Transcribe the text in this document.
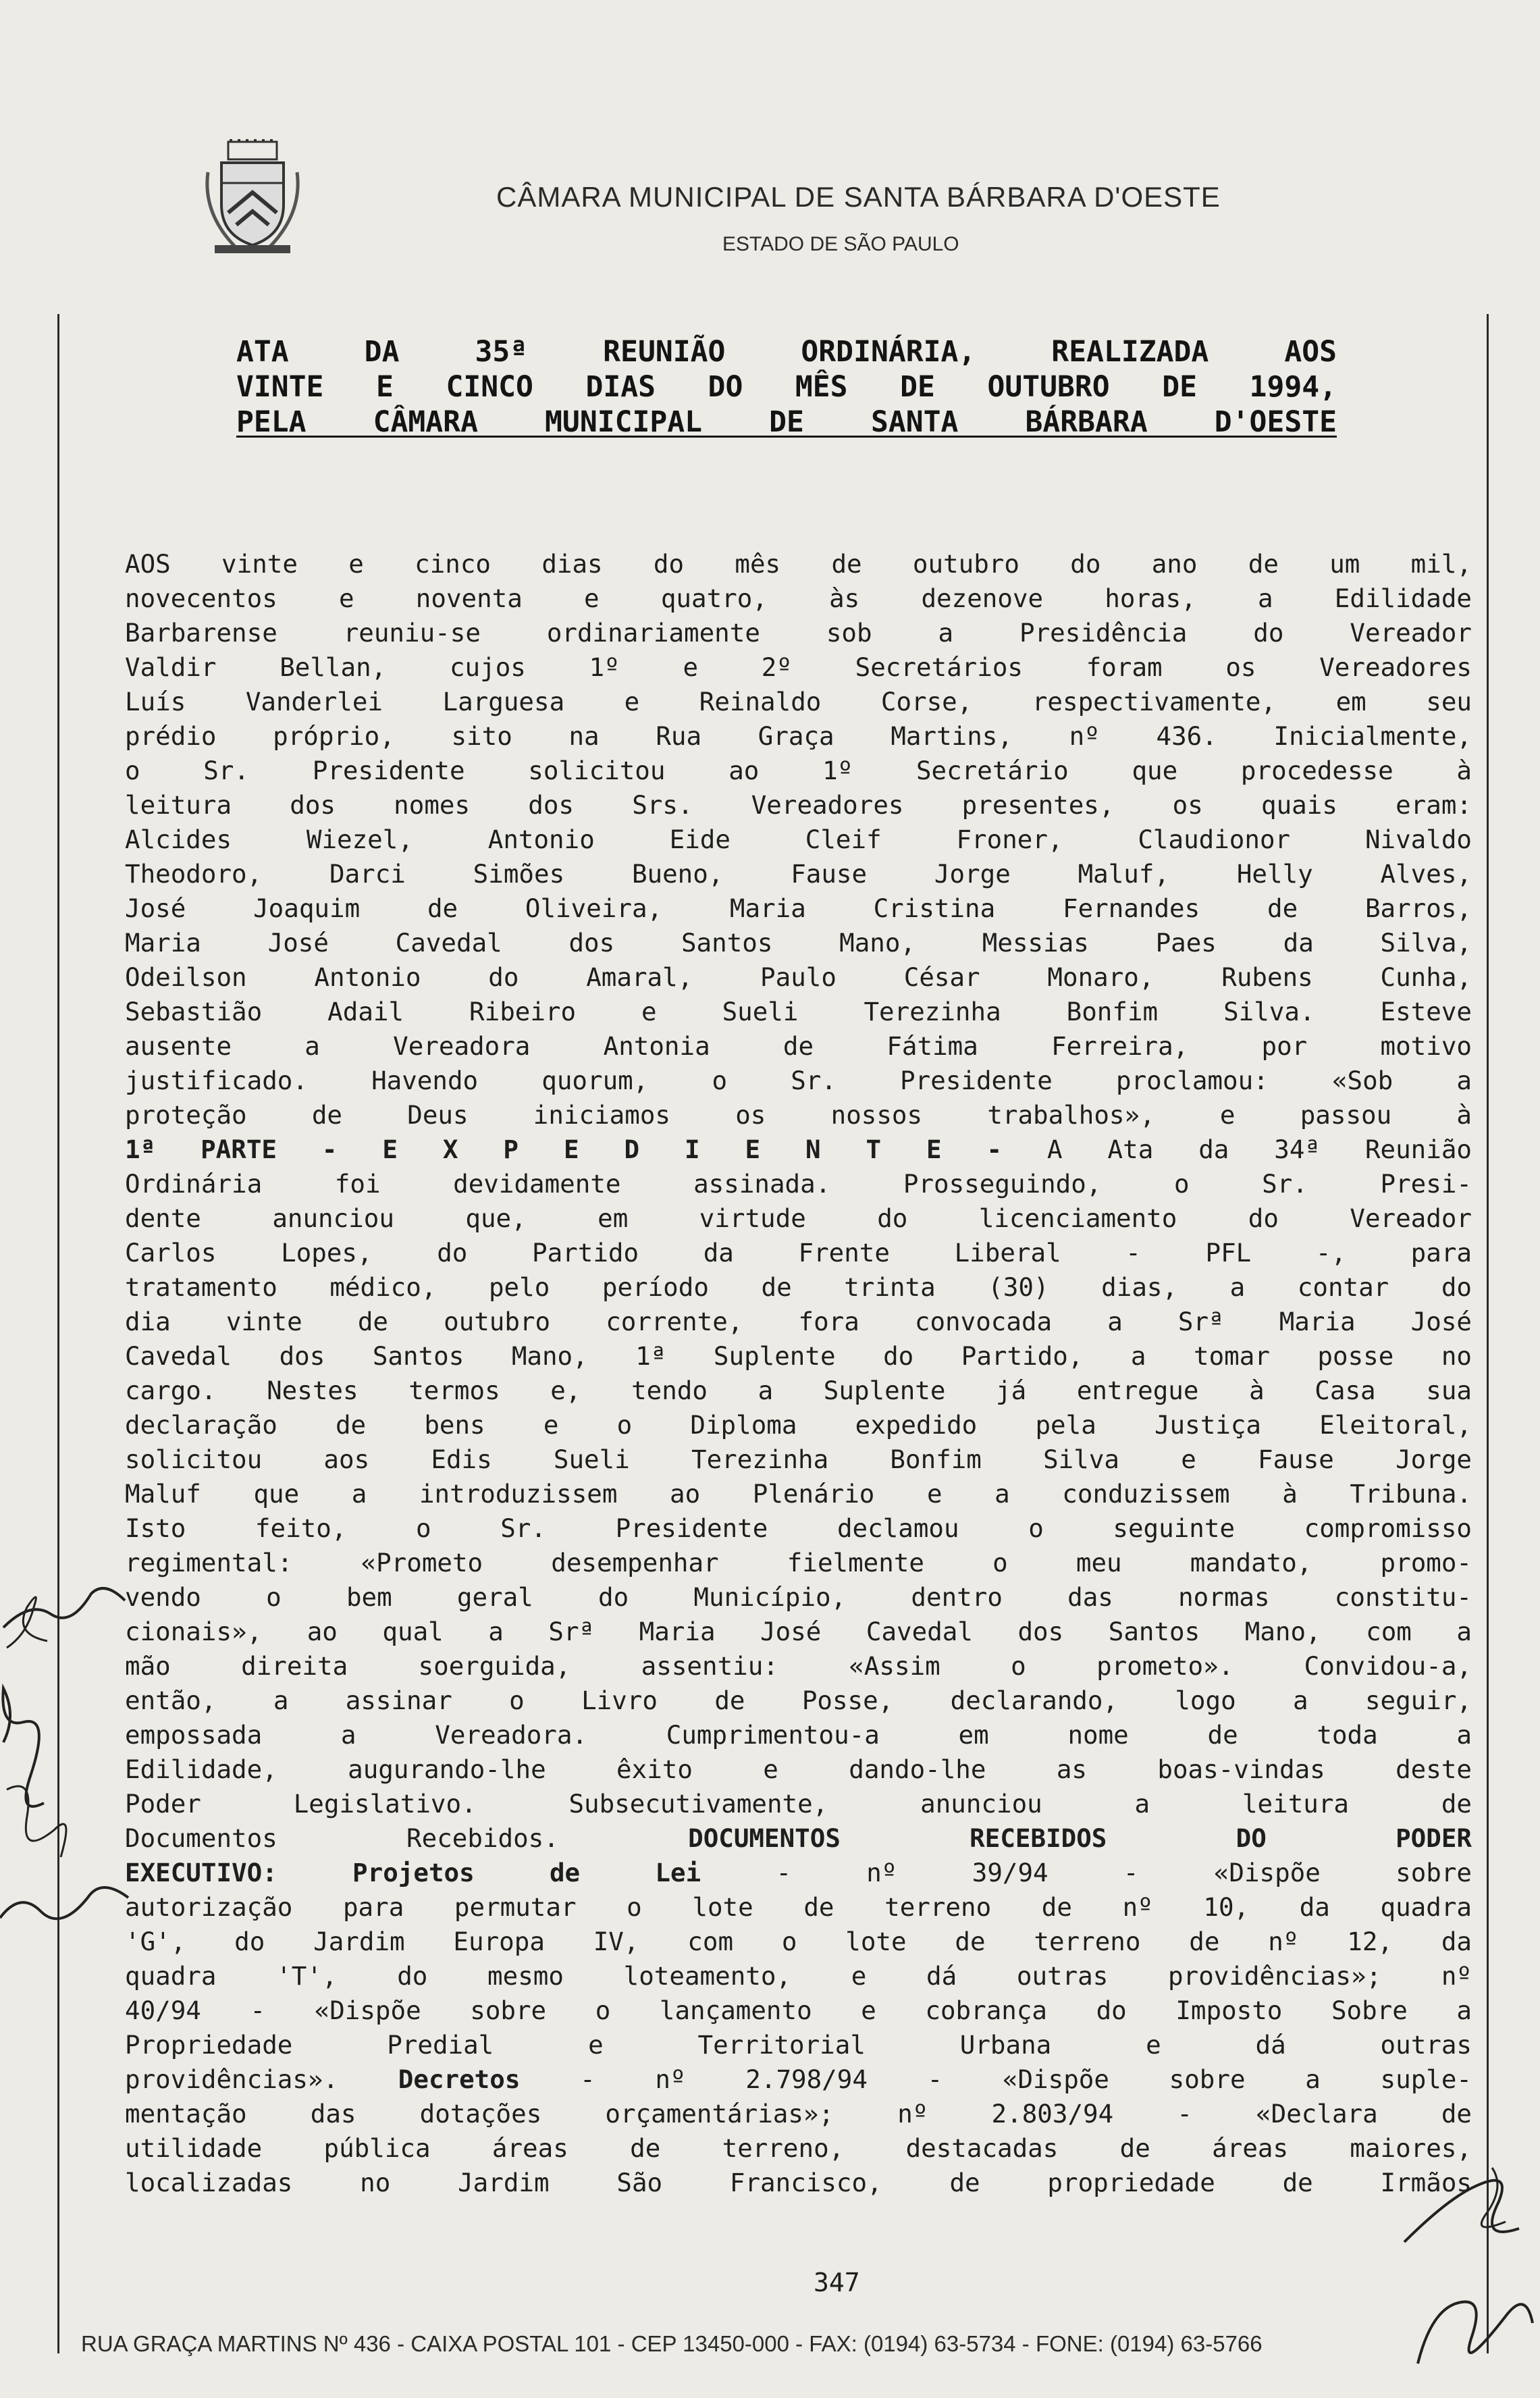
CÂMARA MUNICIPAL DE SANTA BÁRBARA D'OESTE
ESTADO DE SÃO PAULO
ATA DA 35ª REUNIÃO ORDINÁRIA, REALIZADA AOS
VINTE E CINCO DIAS DO MÊS DE OUTUBRO DE 1994,
PELA CÂMARA MUNICIPAL DE SANTA BÁRBARA D'OESTE
AOS vinte e cinco dias do mês de outubro do ano de um mil,
novecentos e noventa e quatro, às dezenove horas, a Edilidade
Barbarense reuniu-se ordinariamente sob a Presidência do Vereador
Valdir Bellan, cujos 1º e 2º Secretários foram os Vereadores
Luís Vanderlei Larguesa e Reinaldo Corse, respectivamente, em seu
prédio próprio, sito na Rua Graça Martins, nº 436. Inicialmente,
o Sr. Presidente solicitou ao 1º Secretário que procedesse à
leitura dos nomes dos Srs. Vereadores presentes, os quais eram:
Alcides Wiezel, Antonio Eide Cleif Froner, Claudionor Nivaldo
Theodoro, Darci Simões Bueno, Fause Jorge Maluf, Helly Alves,
José Joaquim de Oliveira, Maria Cristina Fernandes de Barros,
Maria José Cavedal dos Santos Mano, Messias Paes da Silva,
Odeilson Antonio do Amaral, Paulo César Monaro, Rubens Cunha,
Sebastião Adail Ribeiro e Sueli Terezinha Bonfim Silva. Esteve
ausente a Vereadora Antonia de Fátima Ferreira, por motivo
justificado. Havendo quorum, o Sr. Presidente proclamou: «Sob a
proteção de Deus iniciamos os nossos trabalhos», e passou à
1ª PARTE - E X P E D I E N T E - A Ata da 34ª Reunião
Ordinária foi devidamente assinada. Prosseguindo, o Sr. Presi-
dente anunciou que, em virtude do licenciamento do Vereador
Carlos Lopes, do Partido da Frente Liberal - PFL -, para
tratamento médico, pelo período de trinta (30) dias, a contar do
dia vinte de outubro corrente, fora convocada a Srª Maria José
Cavedal dos Santos Mano, 1ª Suplente do Partido, a tomar posse no
cargo. Nestes termos e, tendo a Suplente já entregue à Casa sua
declaração de bens e o Diploma expedido pela Justiça Eleitoral,
solicitou aos Edis Sueli Terezinha Bonfim Silva e Fause Jorge
Maluf que a introduzissem ao Plenário e a conduzissem à Tribuna.
Isto feito, o Sr. Presidente declamou o seguinte compromisso
regimental: «Prometo desempenhar fielmente o meu mandato, promo-
vendo o bem geral do Município, dentro das normas constitu-
cionais», ao qual a Srª Maria José Cavedal dos Santos Mano, com a
mão direita soerguida, assentiu: «Assim o prometo». Convidou-a,
então, a assinar o Livro de Posse, declarando, logo a seguir,
empossada a Vereadora. Cumprimentou-a em nome de toda a
Edilidade, augurando-lhe êxito e dando-lhe as boas-vindas deste
Poder Legislativo. Subsecutivamente, anunciou a leitura de
Documentos Recebidos.	DOCUMENTOS RECEBIDOS DO PODER
EXECUTIVO: Projetos de Lei	- nº 39/94 - «Dispõe sobre
autorização para permutar o lote de terreno de nº 10, da quadra
'G', do Jardim Europa IV, com o lote de terreno de nº 12, da
quadra 'T', do mesmo loteamento, e dá outras providências»; nº
40/94 - «Dispõe sobre o lançamento e cobrança do Imposto Sobre a
Propriedade Predial e Territorial Urbana e dá outras
providências». Decretos - nº 2.798/94 - «Dispõe sobre a suple-
mentação das dotações orçamentárias»; nº 2.803/94 - «Declara de
utilidade pública áreas de terreno, destacadas de áreas maiores,
localizadas no Jardim São Francisco, de propriedade de Irmãos
347
RUA GRAÇA MARTINS Nº 436 - CAIXA POSTAL 101 - CEP 13450-000 - FAX: (0194) 63-5734 - FONE: (0194) 63-5766
